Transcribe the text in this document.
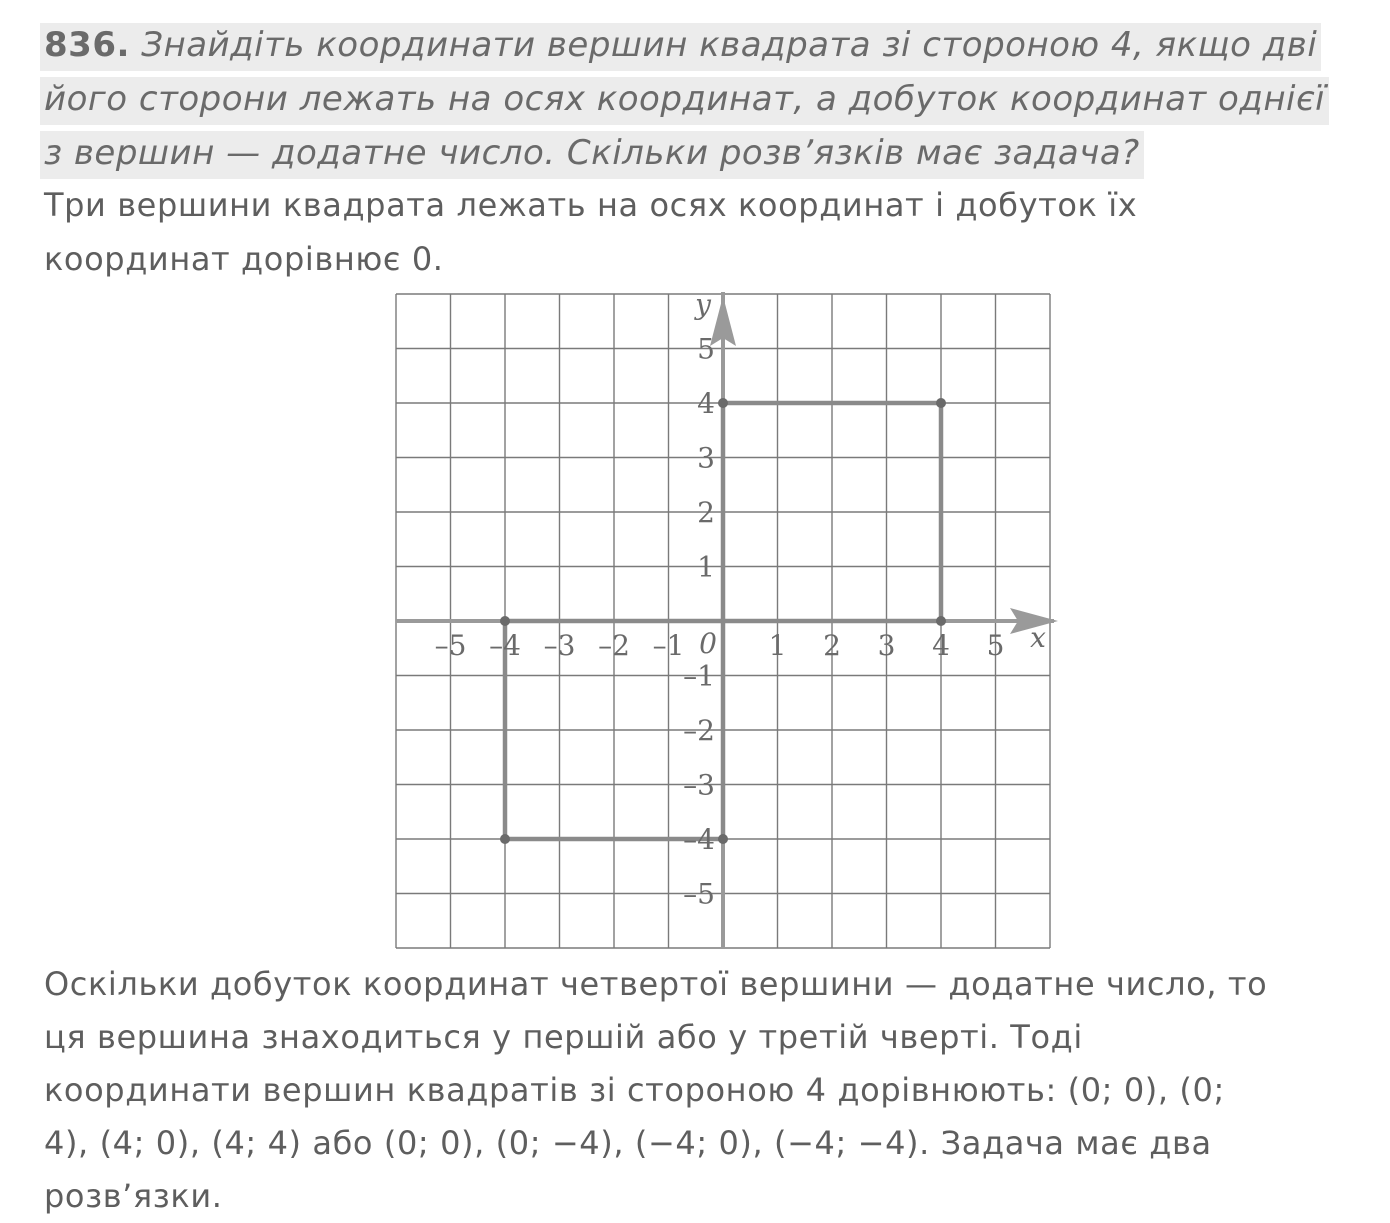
836. Знайдіть координати вершин квадрата зі стороною 4, якщо дві
його сторони лежать на осях координат, а добуток координат однієї
з вершин — додатне число. Скільки розв’язків має задача?
Три вершини квадрата лежать на осях координат і добуток їх
координат дорівнює 0.
–5 –4 –3 –2 –1	1 2 3 4 5
5
4
3
2
1
–1
–2
–3
–4
–5
0	x
y
Оскільки добуток координат четвертої вершини — додатне число, то
ця вершина знаходиться у першій або у третій чверті. Тоді
координати вершин квадратів зі стороною 4 дорівнюють: (0; 0), (0;
4), (4; 0), (4; 4) або (0; 0), (0; −4), (−4; 0), (−4; −4). Задача має два
розв’язки.
